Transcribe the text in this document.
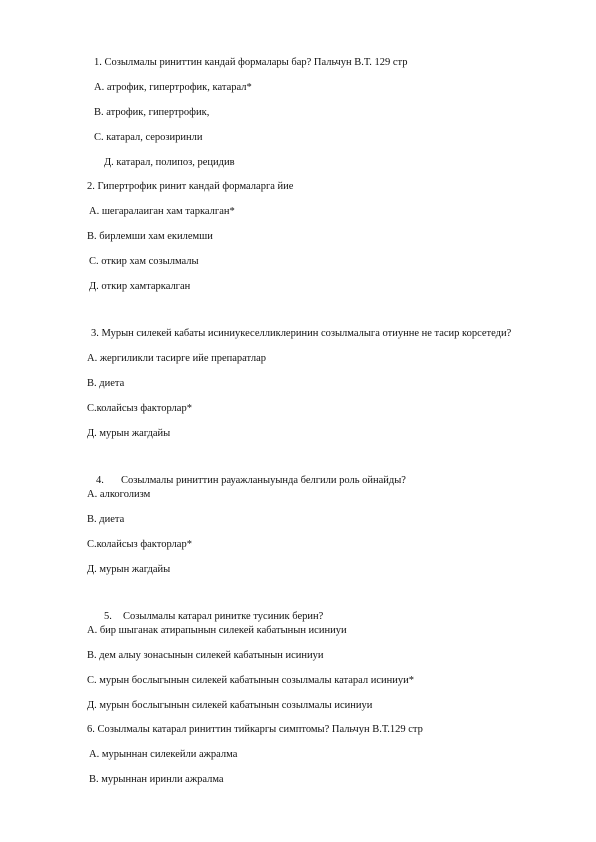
1. Созылмалы риниттин кандай формалары бар? Пальчун В.Т. 129 стр
А. атрофик, гипертрофик, катарал*
В. атрофик, гипертрофик,
С. катарал, серозиринли
Д. катарал, полипоз, рецидив
2. Гипертрофик ринит кандай формаларга йие
А. шегаралаиган хам таркалган*
В. бирлемши хам екилемши
С. откир хам созылмалы
Д. откир хамтаркалган
3. Мурын силекей кабаты исиниукеселликлеринин созылмалыга отиунне не тасир корсетеди?
А. жергиликли тасирге ийе препаратлар
В. диета
С.колайсыз факторлар*
Д. мурын жагдайы
4. Созылмалы риниттин рауажланыуында белгили роль ойнайды?
А. алкоголизм
В. диета
С.колайсыз факторлар*
Д. мурын жагдайы
5. Созылмалы катарал ринитке тусиник берин?
А. бир шыганак атирапынын силекей кабатынын исиниуи
В. дем алыу зонасынын силекей кабатынын исиниуи
С. мурын бослыгынын силекей кабатынын созылмалы катарал исиниуи*
Д. мурын бослыгынын силекей кабатынын созылмалы исиниуи
6. Созылмалы катарал риниттин тийкаргы симптомы? Пальчун В.Т.129 стр
А. мурыннан силекейли ажралма
В. мурыннан иринли ажралма
